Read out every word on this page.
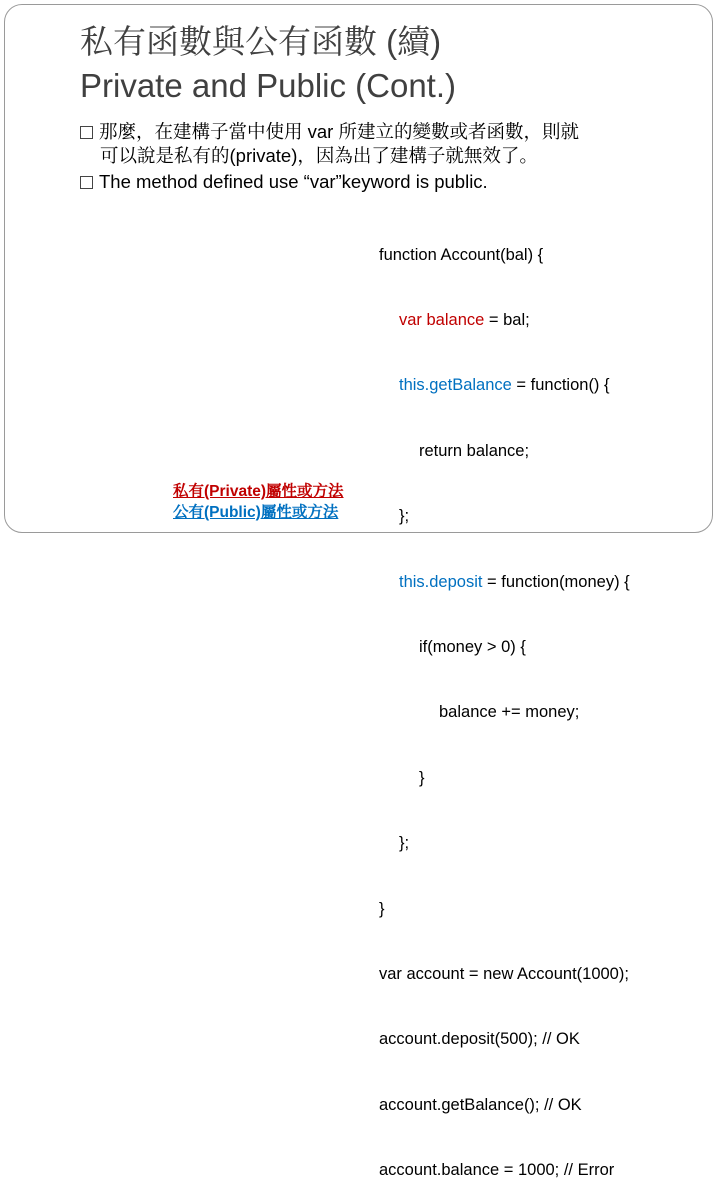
私有函數與公有函數 (續)
Private and Public (Cont.)
那麼，在建構子當中使用 var 所建立的變數或者函數，則就
可以說是私有的(private)，因為出了建構子就無效了。
The method defined use “var”keyword is public.

function Account(bal) {

var balance = bal;

this.getBalance = function() {

return balance;

};

this.deposit = function(money) {

if(money > 0) {

balance += money;

}

};

}

var account = new Account(1000);

account.deposit(500); // OK

account.getBalance(); // OK

account.balance = 1000; // Error

私有(Private)屬性或方法
公有(Public)屬性或方法
